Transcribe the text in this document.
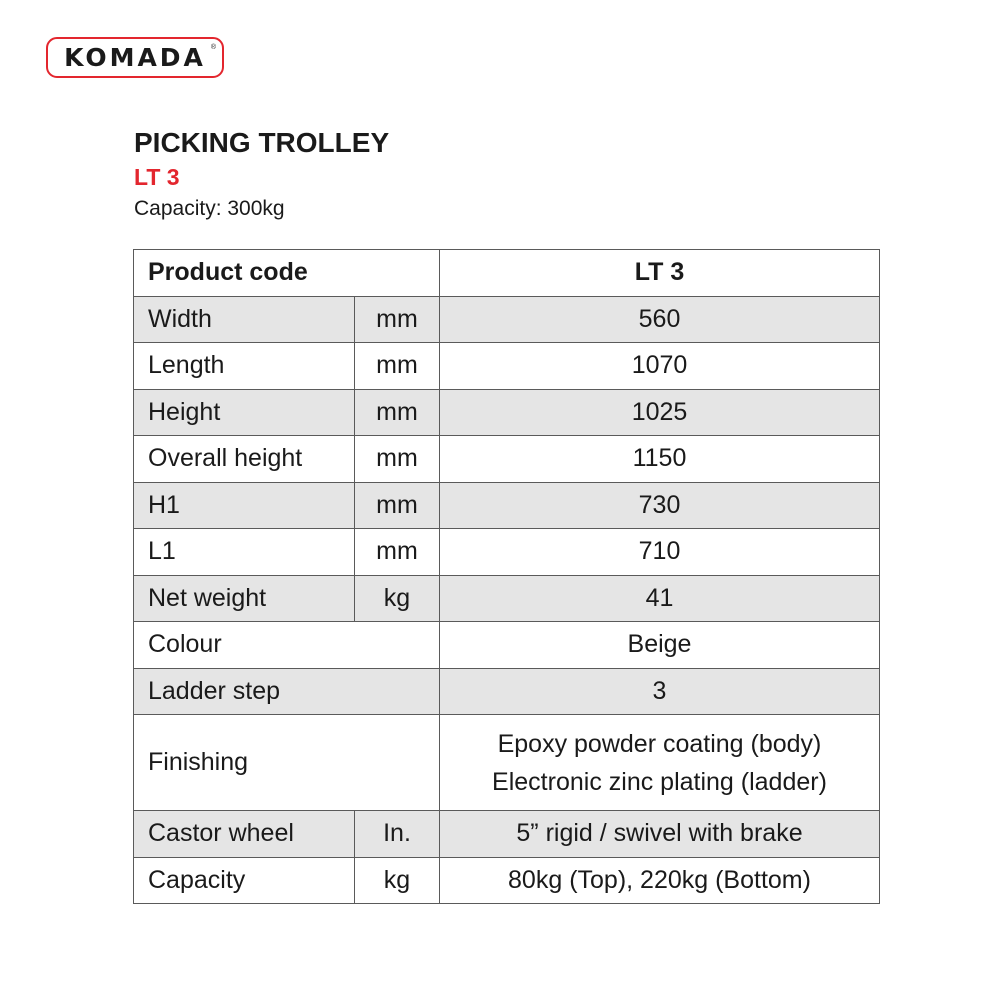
KOMADA ®
PICKING TROLLEY
LT 3

Capacity: 300kg

Product code		LT 3
Width	mm	560
Length	mm	1070
Height	mm	1025
Overall height	mm	1150
H1	mm	730
L1	mm	710
Net weight	kg	41
Colour		Beige
Ladder step		3
Finishing		Epoxy powder coating (body)
Electronic zinc plating (ladder)

Castor wheel	In.	5” rigid / swivel with brake
Capacity	kg	80kg (Top), 220kg (Bottom)
